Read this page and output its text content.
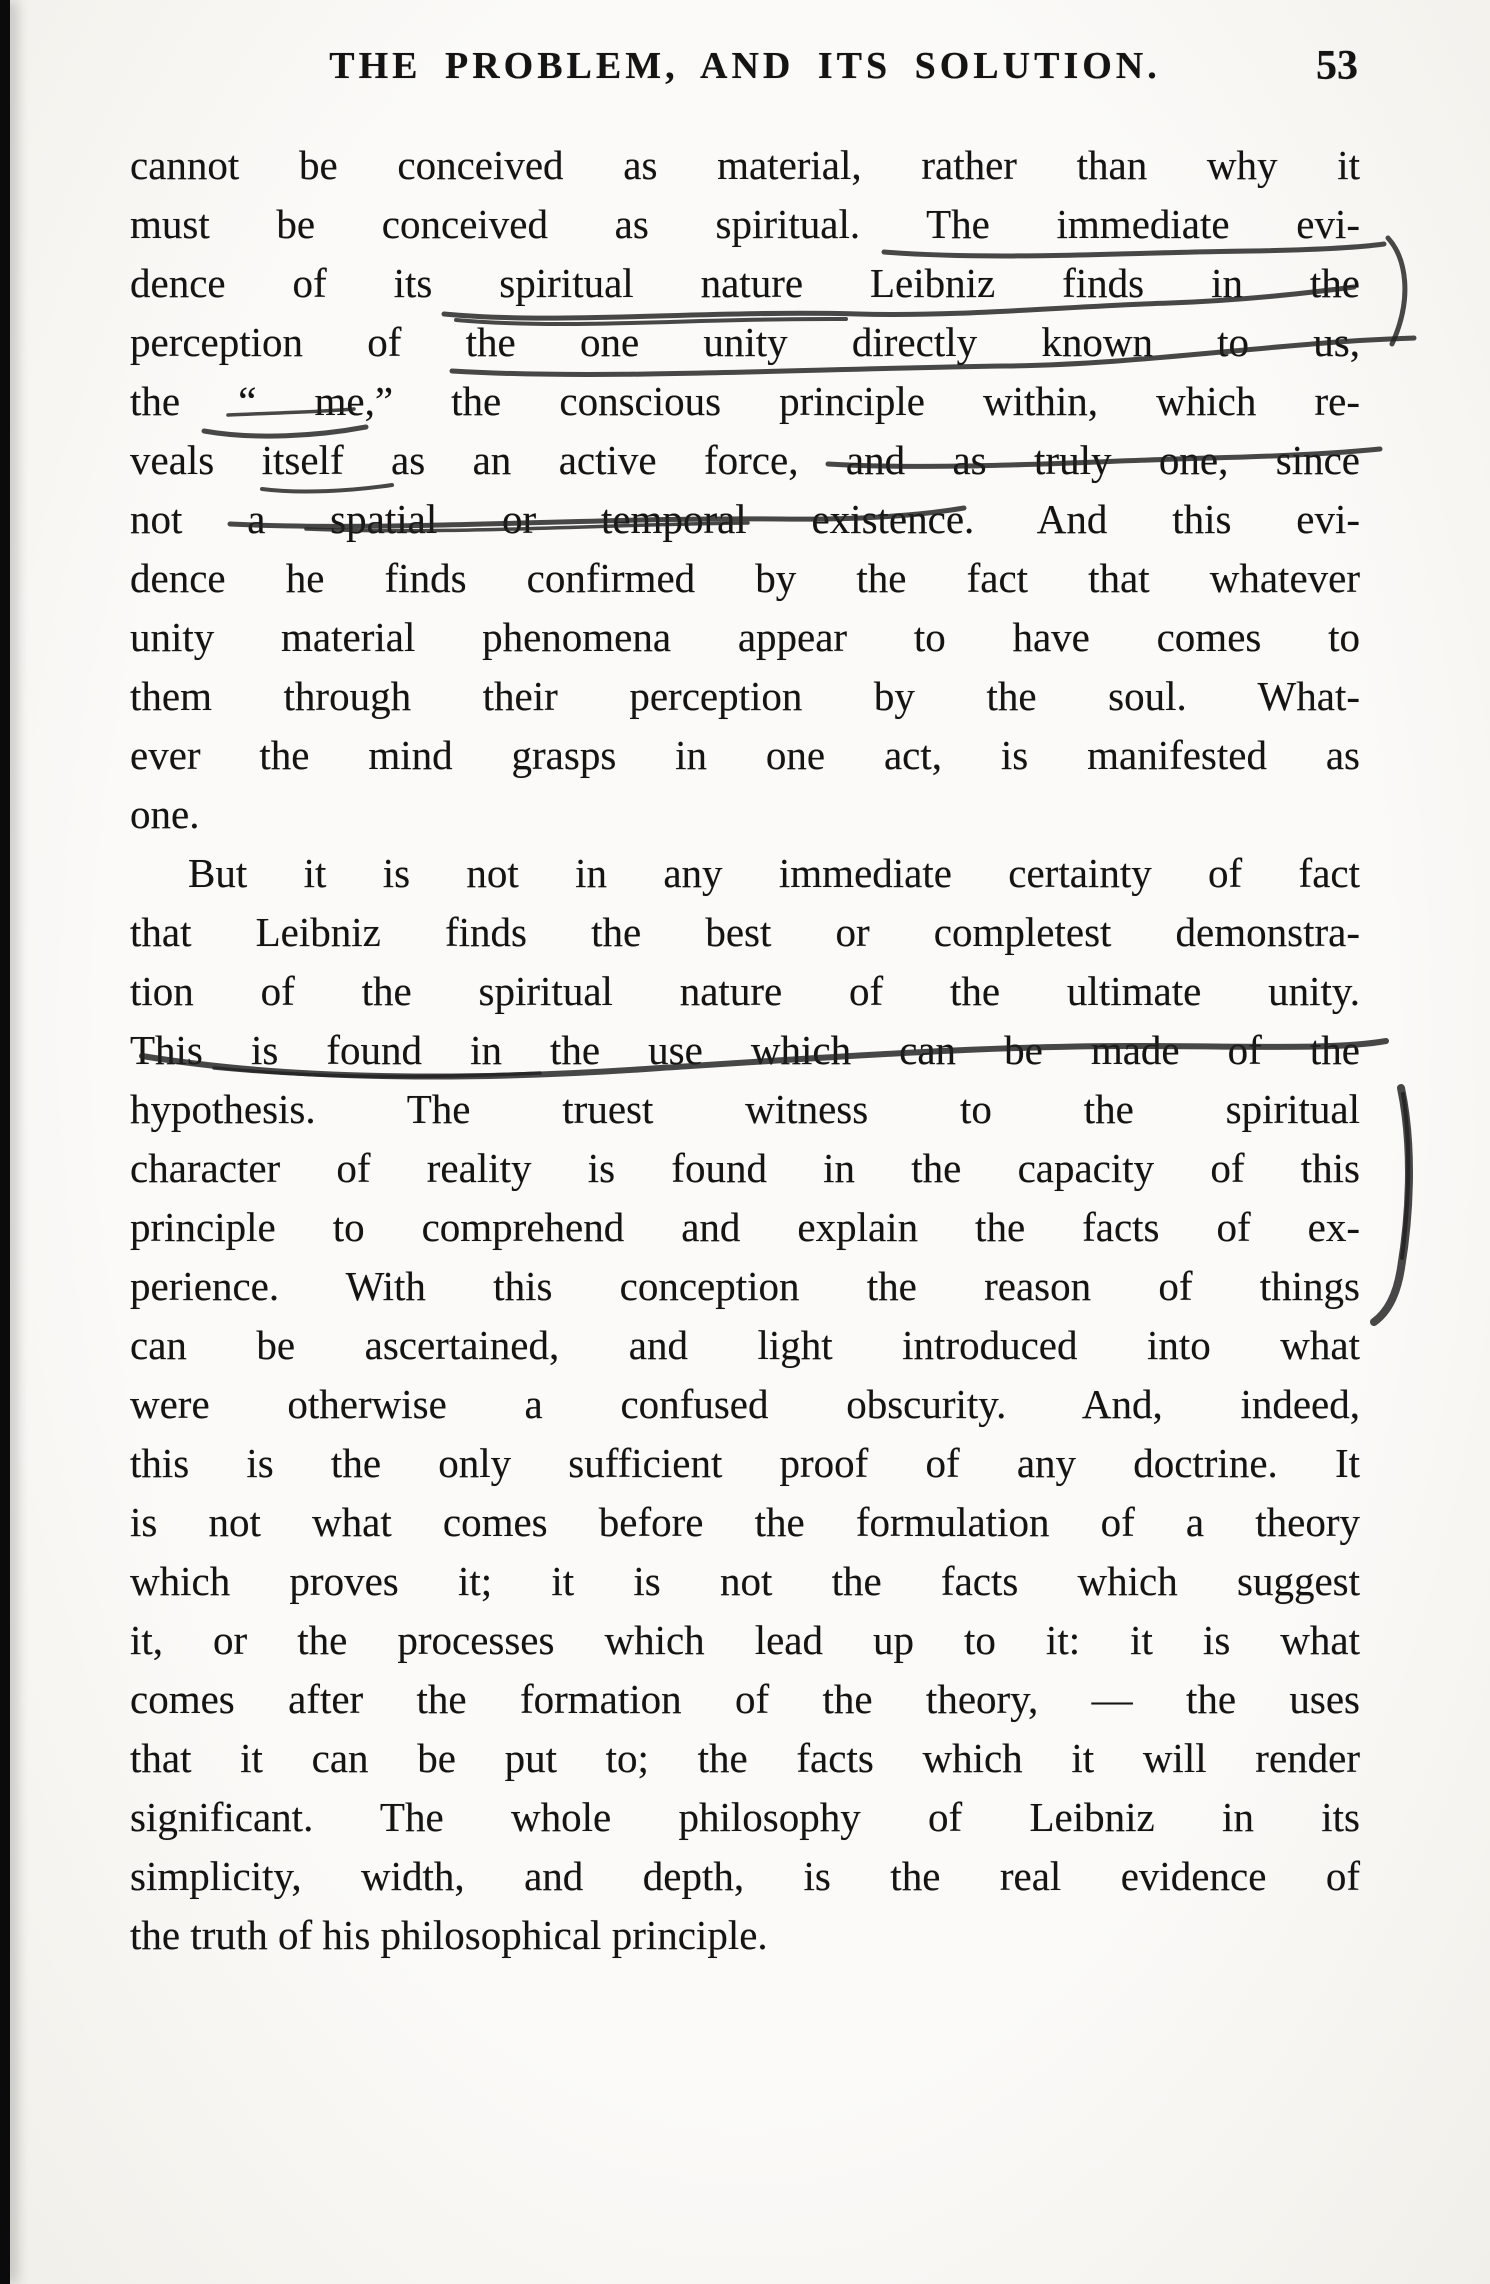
THE PROBLEM, AND ITS SOLUTION.	53
cannot be conceived as material, rather than why it
must be conceived as spiritual. The immediate evi-
dence of its spiritual nature Leibniz finds in the
perception of the one unity directly known to us,
the “ me,” the conscious principle within, which re-
veals itself as an active force, and as truly one, since
not a spatial or temporal existence. And this evi-
dence he finds confirmed by the fact that whatever
unity material phenomena appear to have comes to
them through their perception by the soul. What-
ever the mind grasps in one act, is manifested as
one.
But it is not in any immediate certainty of fact
that Leibniz finds the best or completest demonstra-
tion of the spiritual nature of the ultimate unity.
This is found in the use which can be made of the
hypothesis. The truest witness to the spiritual
character of reality is found in the capacity of this
principle to comprehend and explain the facts of ex-
perience. With this conception the reason of things
can be ascertained, and light introduced into what
were otherwise a confused obscurity. And, indeed,
this is the only sufficient proof of any doctrine. It
is not what comes before the formulation of a theory
which proves it; it is not the facts which suggest
it, or the processes which lead up to it: it is what
comes after the formation of the theory, — the uses
that it can be put to; the facts which it will render
significant. The whole philosophy of Leibniz in its
simplicity, width, and depth, is the real evidence of
the truth of his philosophical principle.
